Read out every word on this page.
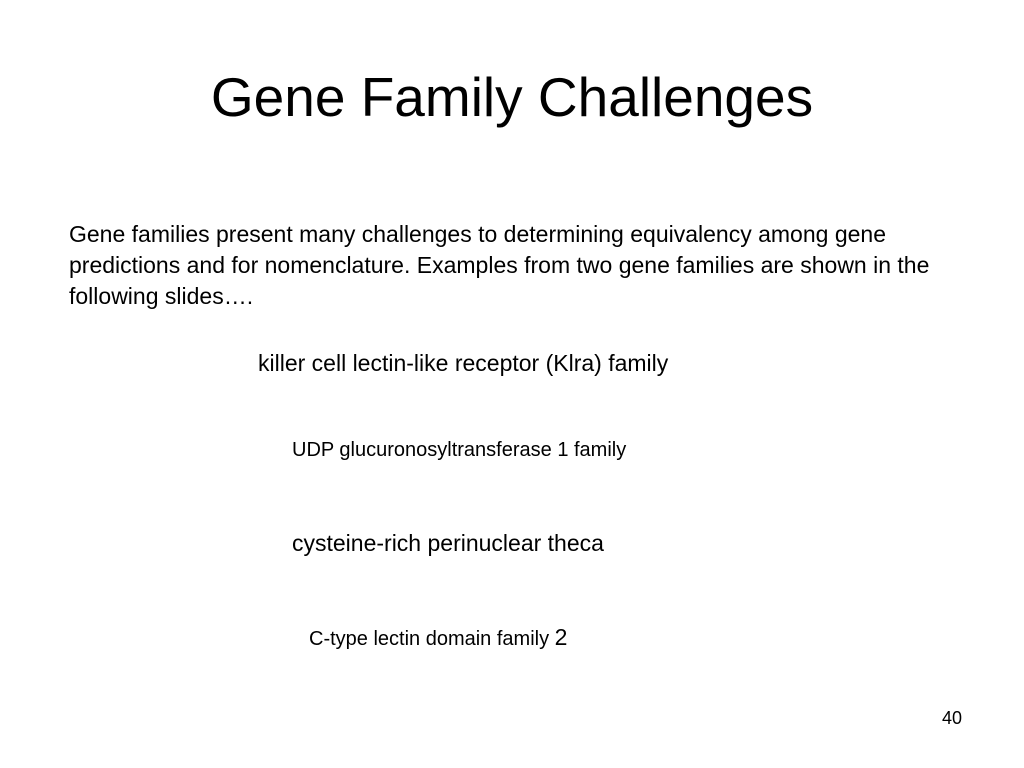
Gene Family Challenges

Gene families present many challenges to determining equivalency among gene predictions and for nomenclature. Examples from two gene families are shown in the following slides….

killer cell lectin-like receptor (Klra) family

UDP glucuronosyltransferase 1 family

cysteine-rich perinuclear theca

C-type lectin domain family 2

40
